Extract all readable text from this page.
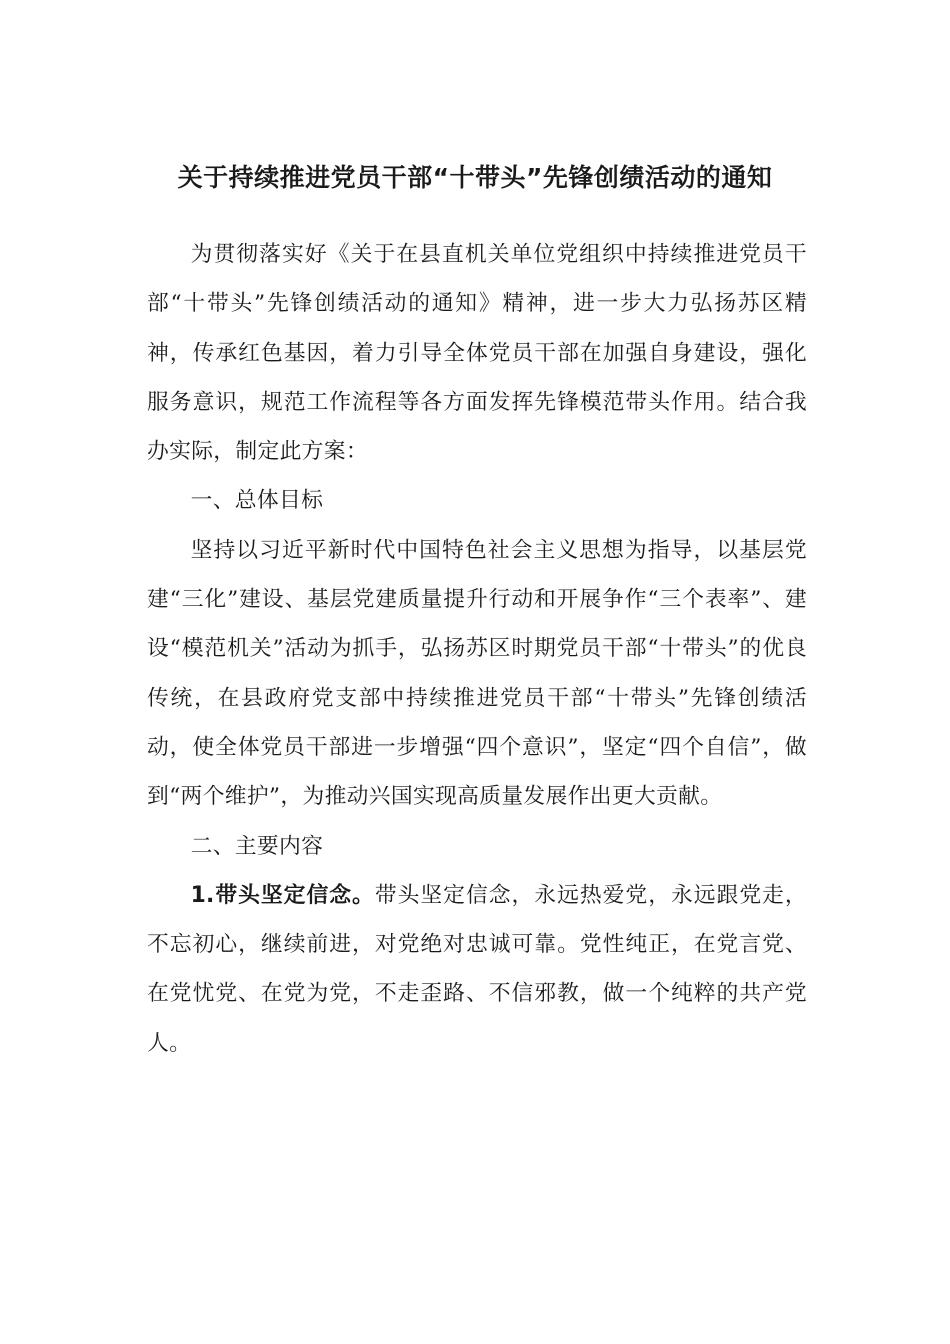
关于持续推进党员干部“十带头”先锋创绩活动的通知

为贯彻落实好《关于在县直机关单位党组织中持续推进党员干部“十带头”先锋创绩活动的通知》精神，进一步大力弘扬苏区精神，传承红色基因，着力引导全体党员干部在加强自身建设，强化服务意识，规范工作流程等各方面发挥先锋模范带头作用。结合我办实际，制定此方案：

一、总体目标

坚持以习近平新时代中国特色社会主义思想为指导，以基层党建“三化”建设、基层党建质量提升行动和开展争作“三个表率”、建设“模范机关”活动为抓手，弘扬苏区时期党员干部“十带头”的优良传统，在县政府党支部中持续推进党员干部“十带头”先锋创绩活动，使全体党员干部进一步增强“四个意识”，坚定“四个自信”，做到“两个维护”，为推动兴国实现高质量发展作出更大贡献。

二、主要内容

1.带头坚定信念。带头坚定信念，永远热爱党，永远跟党走，不忘初心，继续前进，对党绝对忠诚可靠。党性纯正，在党言党、在党忧党、在党为党，不走歪路、不信邪教，做一个纯粹的共产党人。
